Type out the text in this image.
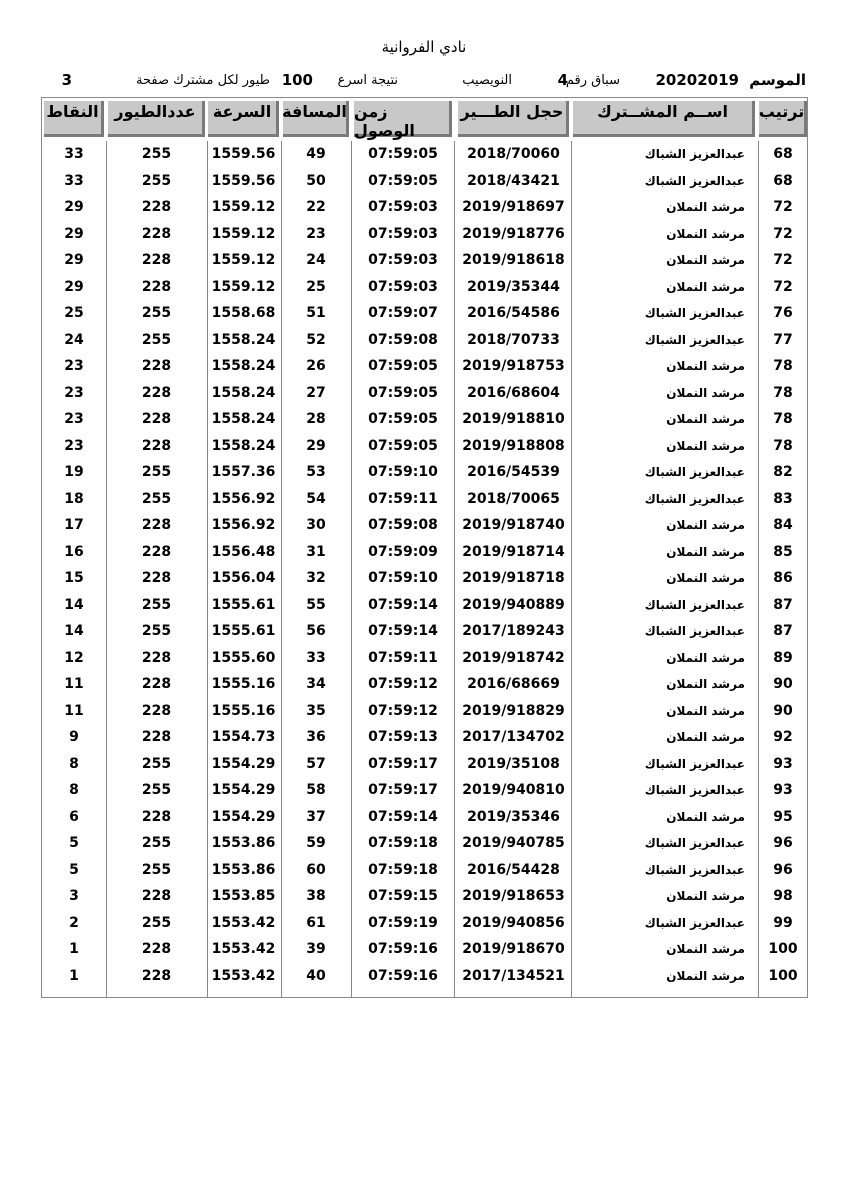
نادي الفروانية
الموسم
20202019
سباق رقم
4
النويصيب
نتيجة اسرع
100
طيور لكل مشترك صفحة
3
ترتيب
اســم المشــترك
حجل الطـــير
زمن الوصول
المسافة
السرعة
عددالطيور
النقاط
68
عبدالعزيز الشباك
2018/70060
07:59:05
49
1559.56
255
33
68
عبدالعزيز الشباك
2018/43421
07:59:05
50
1559.56
255
33
72
مرشد النملان
2019/918697
07:59:03
22
1559.12
228
29
72
مرشد النملان
2019/918776
07:59:03
23
1559.12
228
29
72
مرشد النملان
2019/918618
07:59:03
24
1559.12
228
29
72
مرشد النملان
2019/35344
07:59:03
25
1559.12
228
29
76
عبدالعزيز الشباك
2016/54586
07:59:07
51
1558.68
255
25
77
عبدالعزيز الشباك
2018/70733
07:59:08
52
1558.24
255
24
78
مرشد النملان
2019/918753
07:59:05
26
1558.24
228
23
78
مرشد النملان
2016/68604
07:59:05
27
1558.24
228
23
78
مرشد النملان
2019/918810
07:59:05
28
1558.24
228
23
78
مرشد النملان
2019/918808
07:59:05
29
1558.24
228
23
82
عبدالعزيز الشباك
2016/54539
07:59:10
53
1557.36
255
19
83
عبدالعزيز الشباك
2018/70065
07:59:11
54
1556.92
255
18
84
مرشد النملان
2019/918740
07:59:08
30
1556.92
228
17
85
مرشد النملان
2019/918714
07:59:09
31
1556.48
228
16
86
مرشد النملان
2019/918718
07:59:10
32
1556.04
228
15
87
عبدالعزيز الشباك
2019/940889
07:59:14
55
1555.61
255
14
87
عبدالعزيز الشباك
2017/189243
07:59:14
56
1555.61
255
14
89
مرشد النملان
2019/918742
07:59:11
33
1555.60
228
12
90
مرشد النملان
2016/68669
07:59:12
34
1555.16
228
11
90
مرشد النملان
2019/918829
07:59:12
35
1555.16
228
11
92
مرشد النملان
2017/134702
07:59:13
36
1554.73
228
9
93
عبدالعزيز الشباك
2019/35108
07:59:17
57
1554.29
255
8
93
عبدالعزيز الشباك
2019/940810
07:59:17
58
1554.29
255
8
95
مرشد النملان
2019/35346
07:59:14
37
1554.29
228
6
96
عبدالعزيز الشباك
2019/940785
07:59:18
59
1553.86
255
5
96
عبدالعزيز الشباك
2016/54428
07:59:18
60
1553.86
255
5
98
مرشد النملان
2019/918653
07:59:15
38
1553.85
228
3
99
عبدالعزيز الشباك
2019/940856
07:59:19
61
1553.42
255
2
100
مرشد النملان
2019/918670
07:59:16
39
1553.42
228
1
100
مرشد النملان
2017/134521
07:59:16
40
1553.42
228
1
